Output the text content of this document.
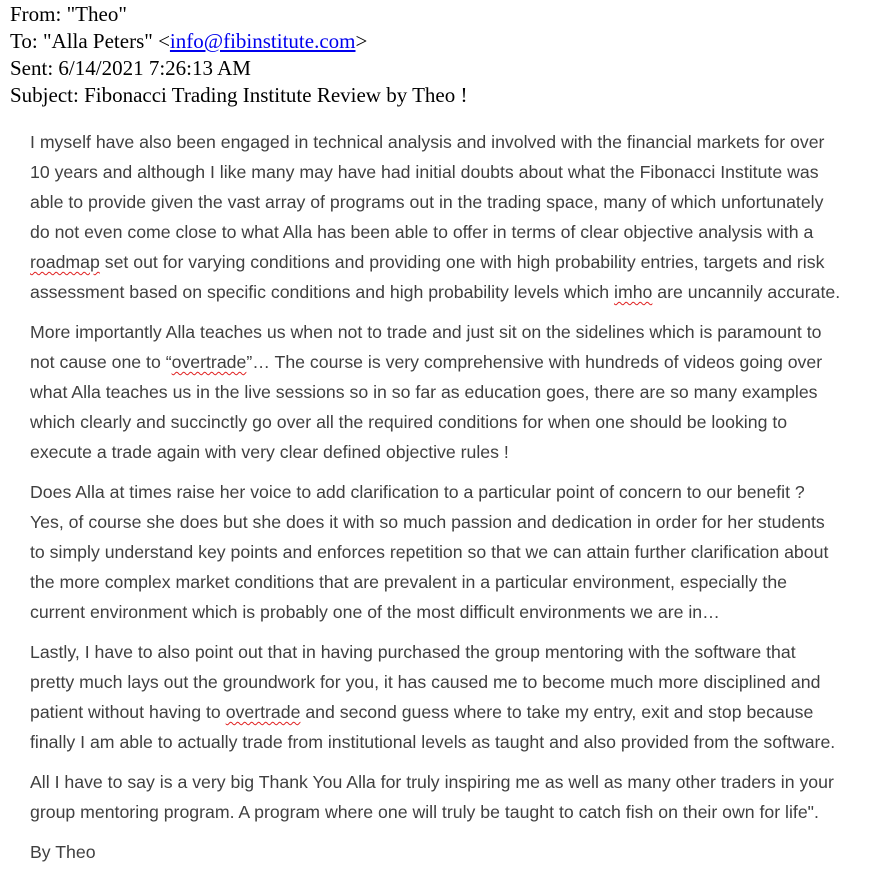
From: "Theo"
To: "Alla Peters" <info@fibinstitute.com>
Sent: 6/14/2021 7:26:13 AM
Subject: Fibonacci Trading Institute Review by Theo !
I myself have also been engaged in technical analysis and involved with the financial markets for over
10 years and although I like many may have had initial doubts about what the Fibonacci Institute was
able to provide given the vast array of programs out in the trading space, many of which unfortunately
do not even come close to what Alla has been able to offer in terms of clear objective analysis with a
roadmap set out for varying conditions and providing one with high probability entries, targets and risk
assessment based on specific conditions and high probability levels which imho are uncannily accurate.
More importantly Alla teaches us when not to trade and just sit on the sidelines which is paramount to
not cause one to “overtrade”… The course is very comprehensive with hundreds of videos going over
what Alla teaches us in the live sessions so in so far as education goes, there are so many examples
which clearly and succinctly go over all the required conditions for when one should be looking to
execute a trade again with very clear defined objective rules !
Does Alla at times raise her voice to add clarification to a particular point of concern to our benefit ?
Yes, of course she does but she does it with so much passion and dedication in order for her students
to simply understand key points and enforces repetition so that we can attain further clarification about
the more complex market conditions that are prevalent in a particular environment, especially the
current environment which is probably one of the most difficult environments we are in…
Lastly, I have to also point out that in having purchased the group mentoring with the software that
pretty much lays out the groundwork for you, it has caused me to become much more disciplined and
patient without having to overtrade and second guess where to take my entry, exit and stop because
finally I am able to actually trade from institutional levels as taught and also provided from the software.
All I have to say is a very big Thank You Alla for truly inspiring me as well as many other traders in your
group mentoring program. A program where one will truly be taught to catch fish on their own for life".
By Theo
